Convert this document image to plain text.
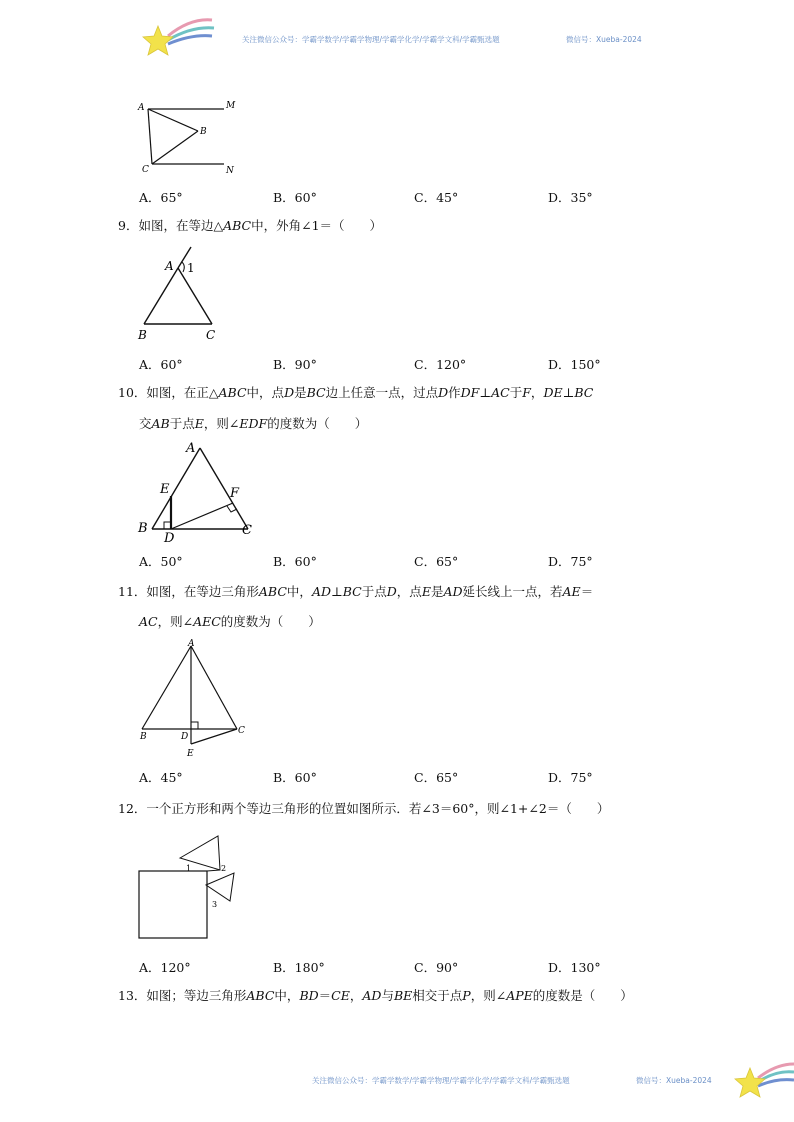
关注微信公众号：学霸学数学/学霸学物理/学霸学化学/学霸学文科/学霸甄选题	微信号：Xueba-2024
A	M
B
C	N
A．65°	B．60°	C．45°	D．35°
9．如图，在等边△ABC中，外角∠1＝（　　）
A 1
B	C
A．60°	B．90°	C．120°	D．150°
10．如图，在正△ABC中，点D是BC边上任意一点，过点D作DF⊥AC于F，DE⊥BC
交AB于点E，则∠EDF的度数为（　　）
A
E	F
B
D
C
A．50°	B．60°	C．65°	D．75°
11．如图，在等边三角形ABC中，AD⊥BC于点D，点E是AD延长线上一点，若AE＝
AC，则∠AEC的度数为（　　）
A
B	D
C
E
A．45°	B．60°	C．65°	D．75°
12．一个正方形和两个等边三角形的位置如图所示．若∠3＝60°，则∠1+∠2＝（　　）
1	2
3
A．120°	B．180°	C．90°	D．130°
13．如图；等边三角形ABC中，BD＝CE，AD与BE相交于点P，则∠APE的度数是（　　）
关注微信公众号：学霸学数学/学霸学物理/学霸学化学/学霸学文科/学霸甄选题	微信号：Xueba-2024
